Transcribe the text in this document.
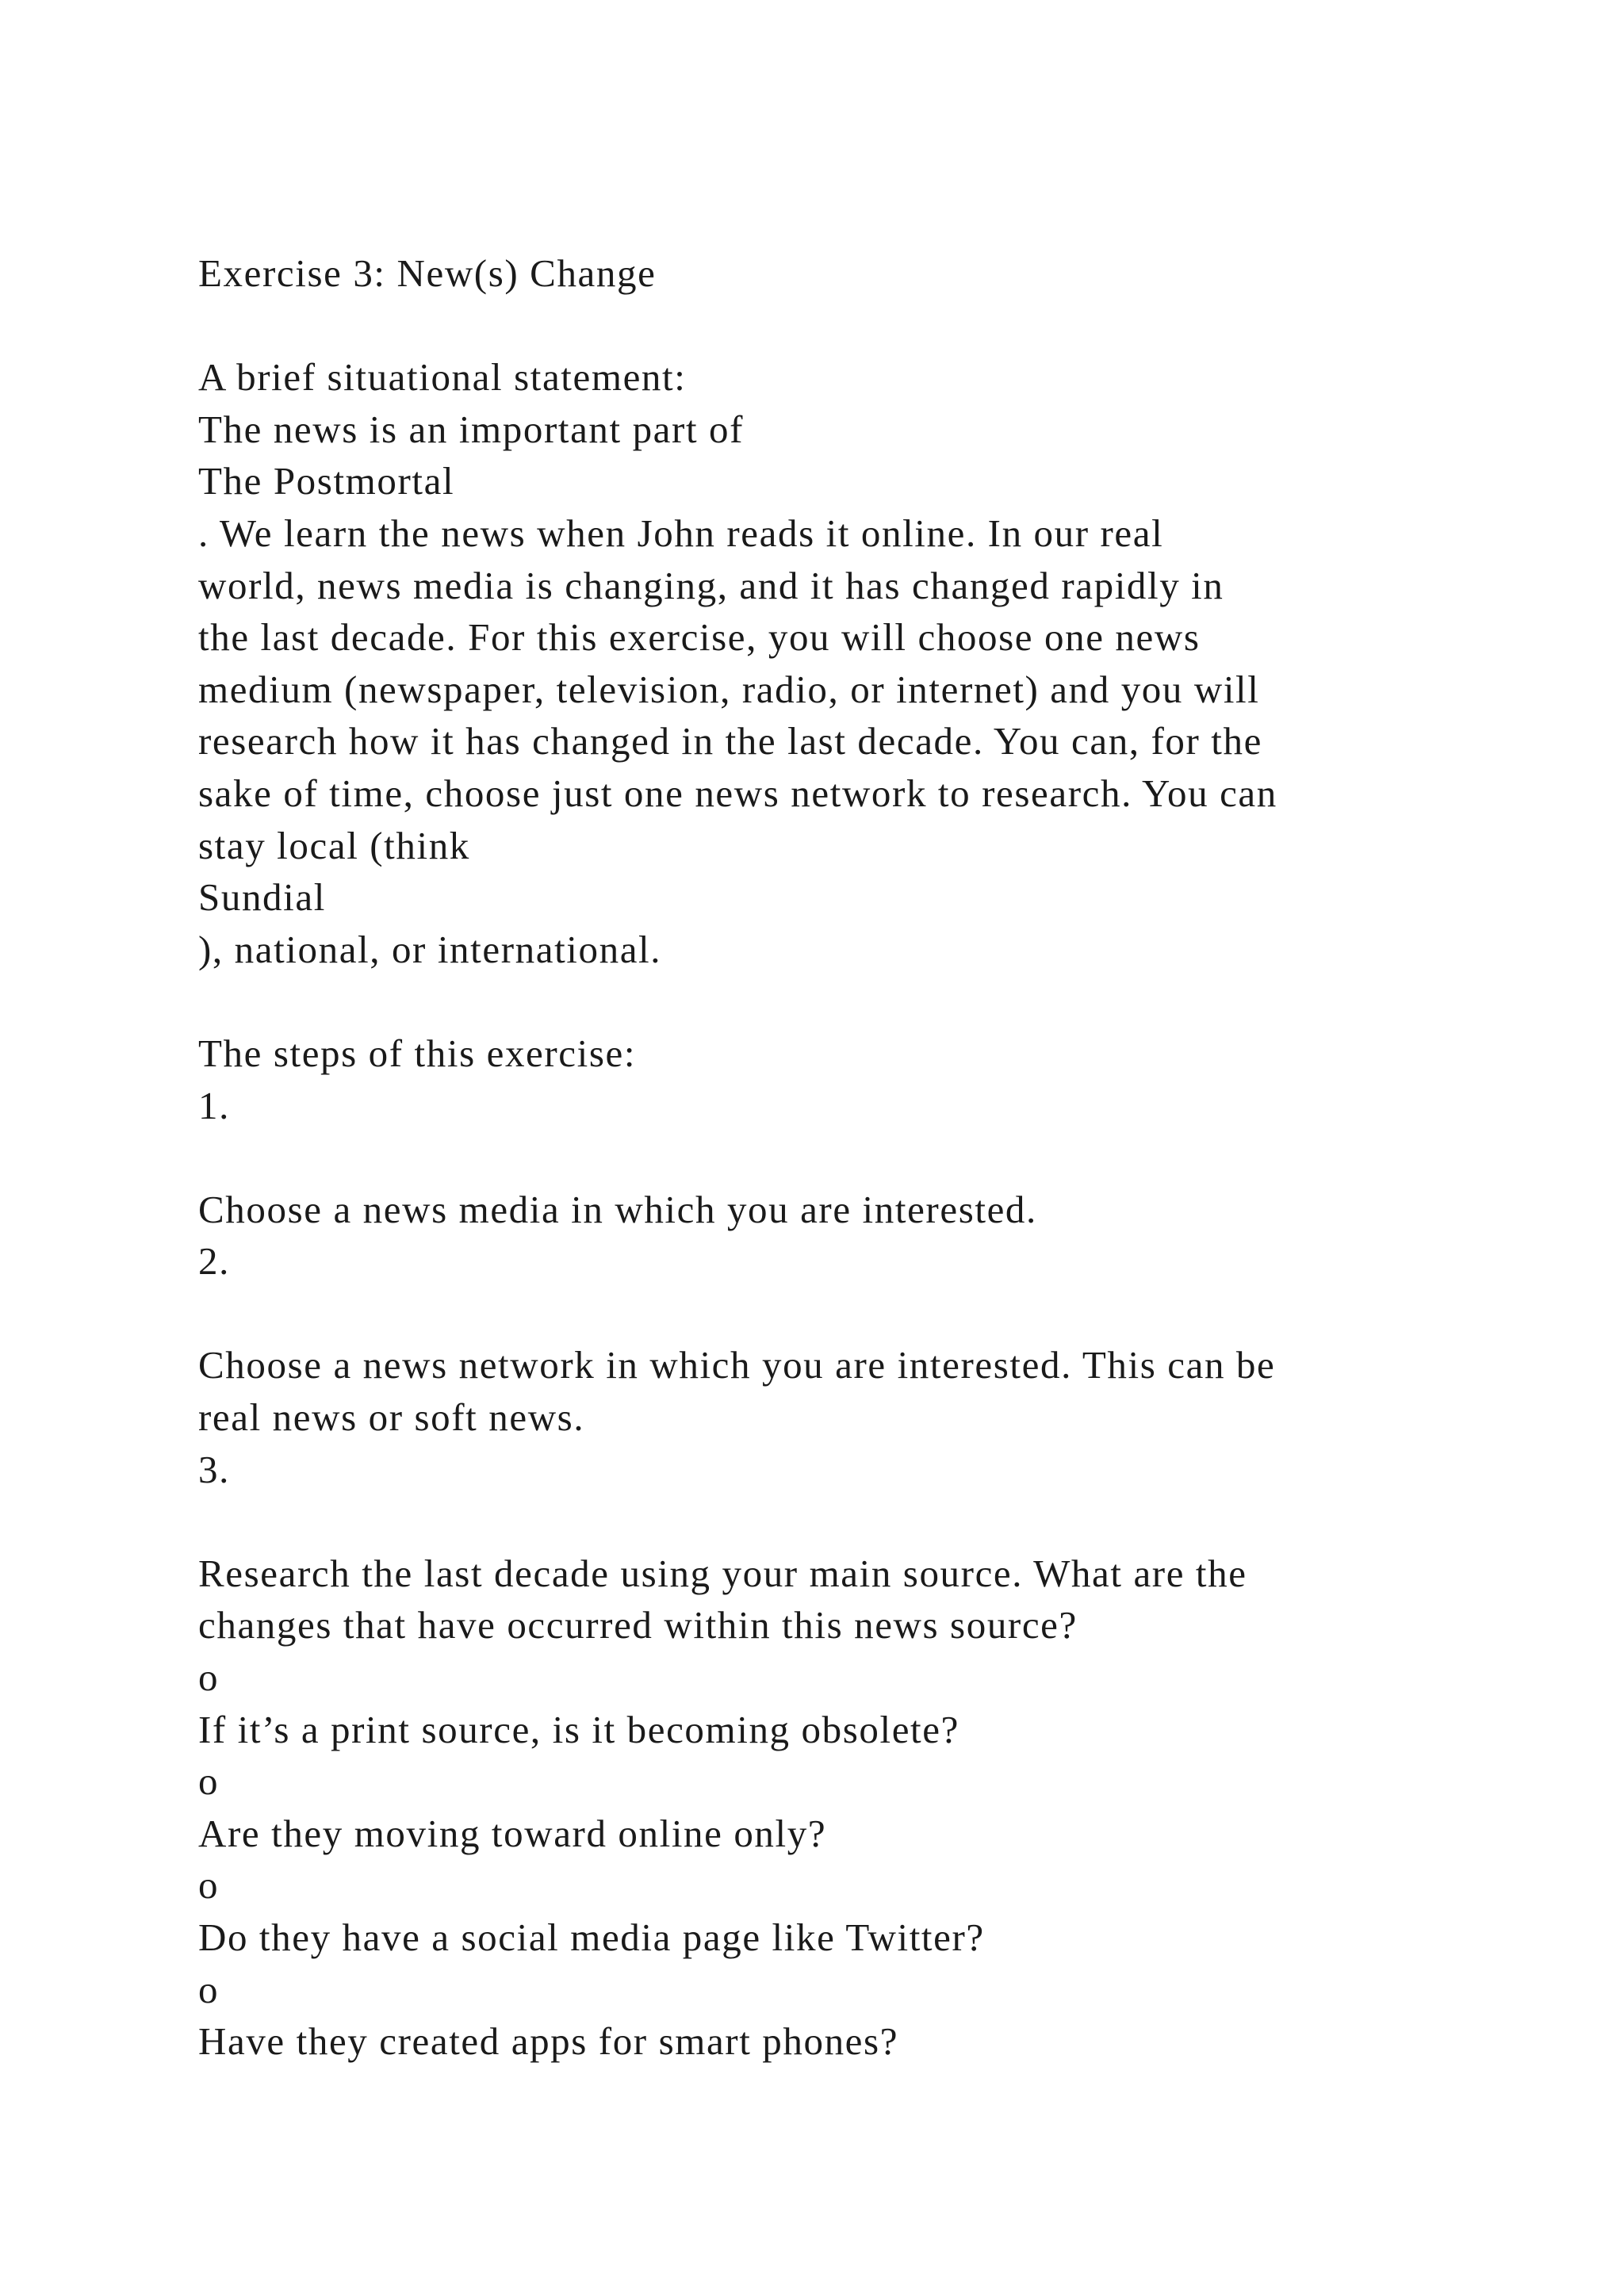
Exercise 3: New(s) Change
A brief situational statement:
The news is an important part of
The Postmortal
. We learn the news when John reads it online. In our real
world, news media is changing, and it has changed rapidly in
the last decade. For this exercise, you will choose one news
medium (newspaper, television, radio, or internet) and you will
research how it has changed in the last decade. You can, for the
sake of time, choose just one news network to research. You can
stay local (think
Sundial
), national, or international.
The steps of this exercise:
1.
Choose a news media in which you are interested.
2.
Choose a news network in which you are interested. This can be
real news or soft news.
3.
Research the last decade using your main source. What are the
changes that have occurred within this news source?
o
If it’s a print source, is it becoming obsolete?
o
Are they moving toward online only?
o
Do they have a social media page like Twitter?
o
Have they created apps for smart phones?
